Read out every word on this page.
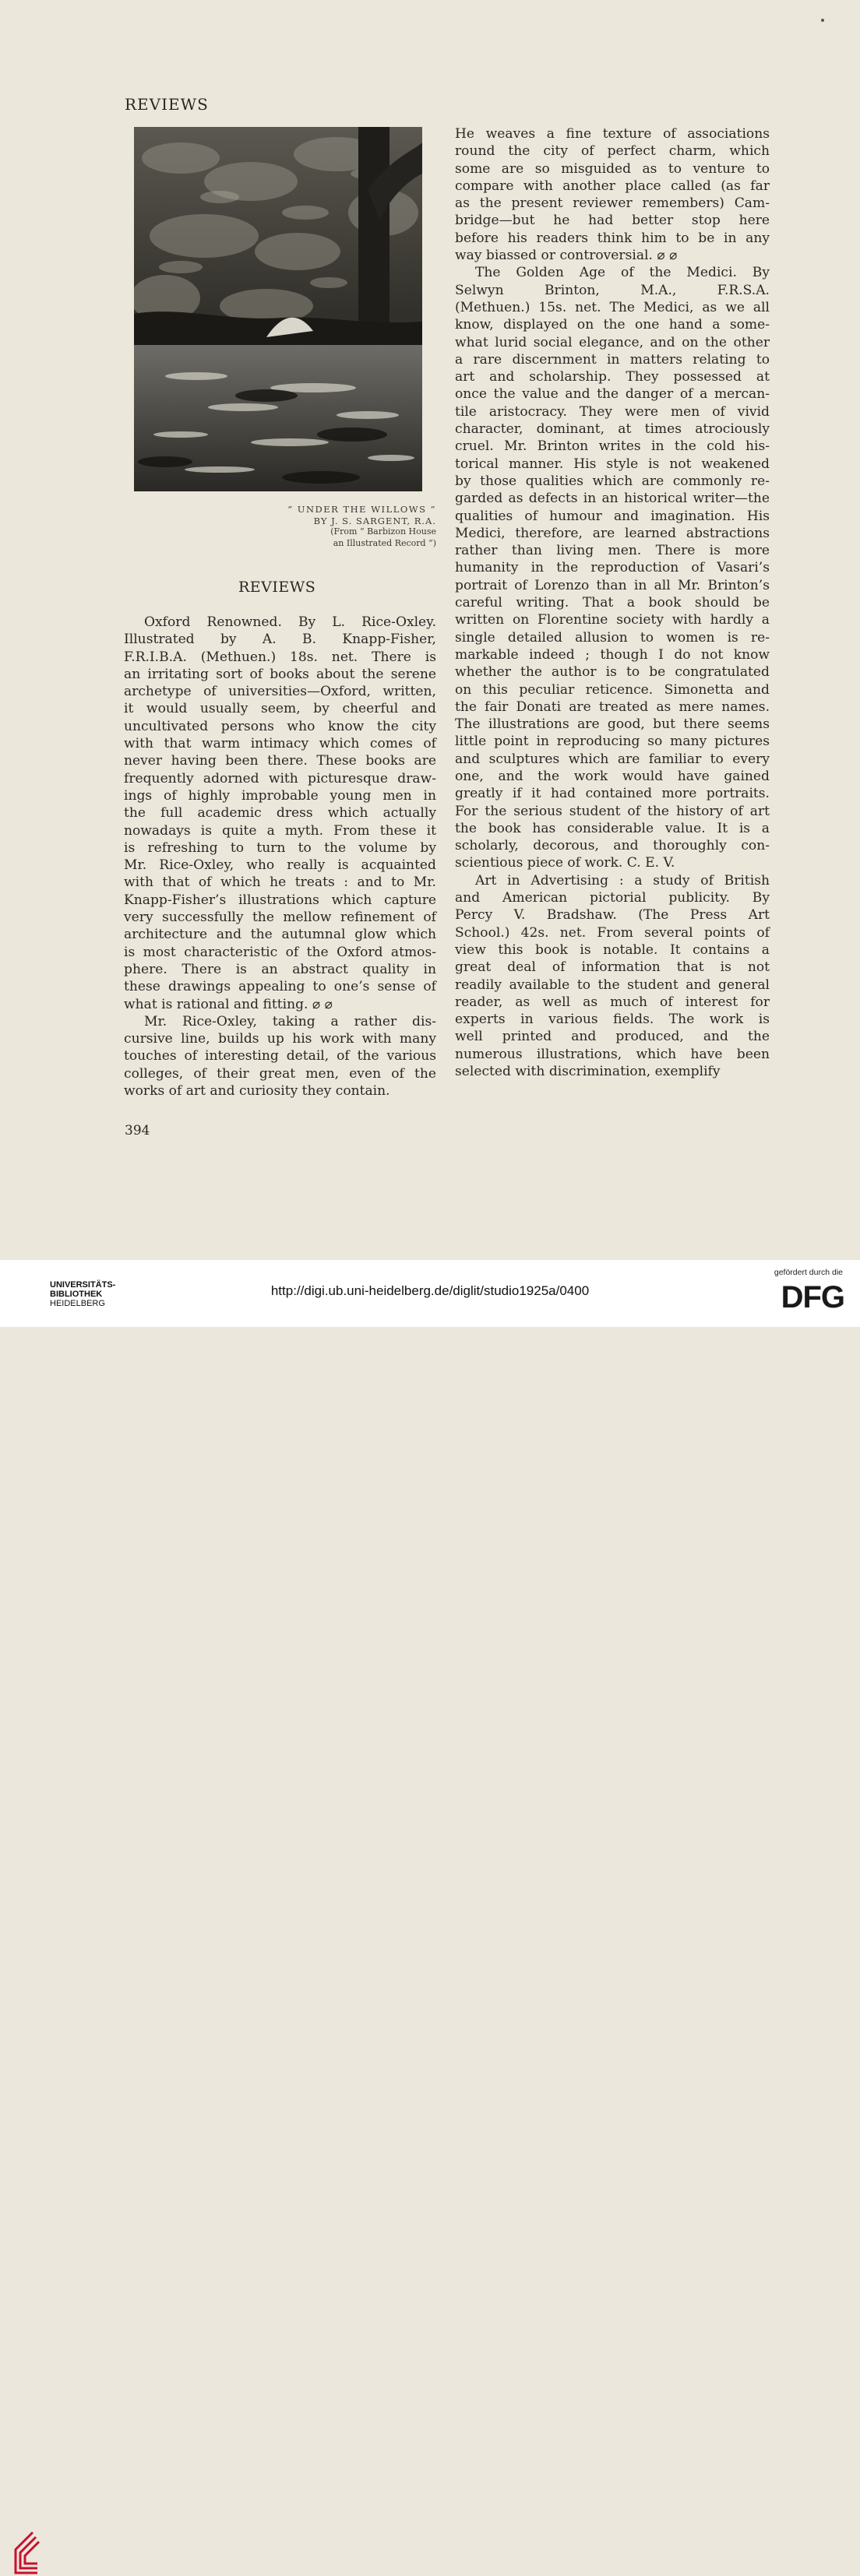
REVIEWS
“ UNDER THE WILLOWS ”
BY J. S. SARGENT, R.A.
(From “ Barbizon House
an Illustrated Record ”)
REVIEWS
Oxford Renowned. By L. Rice-Oxley.
Illustrated by A. B. Knapp-Fisher,
F.R.I.B.A. (Methuen.) 18s. net. There is
an irritating sort of books about the serene
archetype of universities—Oxford, written,
it would usually seem, by cheerful and
uncultivated persons who know the city
with that warm intimacy which comes of
never having been there. These books are
frequently adorned with picturesque draw-
ings of highly improbable young men in
the full academic dress which actually
nowadays is quite a myth. From these it
is refreshing to turn to the volume by
Mr. Rice-Oxley, who really is acquainted
with that of which he treats : and to Mr.
Knapp-Fisher’s illustrations which capture
very successfully the mellow refinement of
architecture and the autumnal glow which
is most characteristic of the Oxford atmos-
phere. There is an abstract quality in
these drawings appealing to one’s sense of
what is rational and fitting. ⌀ ⌀
Mr. Rice-Oxley, taking a rather dis-
cursive line, builds up his work with many
touches of interesting detail, of the various
colleges, of their great men, even of the
works of art and curiosity they contain.
He weaves a fine texture of associations
round the city of perfect charm, which
some are so misguided as to venture to
compare with another place called (as far
as the present reviewer remembers) Cam-
bridge—but he had better stop here
before his readers think him to be in any
way biassed or controversial. ⌀ ⌀
The Golden Age of the Medici. By
Selwyn Brinton, M.A., F.R.S.A.
(Methuen.) 15s. net. The Medici, as we all
know, displayed on the one hand a some-
what lurid social elegance, and on the other
a rare discernment in matters relating to
art and scholarship. They possessed at
once the value and the danger of a mercan-
tile aristocracy. They were men of vivid
character, dominant, at times atrociously
cruel. Mr. Brinton writes in the cold his-
torical manner. His style is not weakened
by those qualities which are commonly re-
garded as defects in an historical writer—the
qualities of humour and imagination. His
Medici, therefore, are learned abstractions
rather than living men. There is more
humanity in the reproduction of Vasari’s
portrait of Lorenzo than in all Mr. Brinton’s
careful writing. That a book should be
written on Florentine society with hardly a
single detailed allusion to women is re-
markable indeed ; though I do not know
whether the author is to be congratulated
on this peculiar reticence. Simonetta and
the fair Donati are treated as mere names.
The illustrations are good, but there seems
little point in reproducing so many pictures
and sculptures which are familiar to every
one, and the work would have gained
greatly if it had contained more portraits.
For the serious student of the history of art
the book has considerable value. It is a
scholarly, decorous, and thoroughly con-
scientious piece of work. C. E. V.
Art in Advertising : a study of British
and American pictorial publicity. By
Percy V. Bradshaw. (The Press Art
School.) 42s. net. From several points of
view this book is notable. It contains a
great deal of information that is not
readily available to the student and general
reader, as well as much of interest for
experts in various fields. The work is
well printed and produced, and the
numerous illustrations, which have been
selected with discrimination, exemplify
394
UNIVERSITÄTS-
BIBLIOTHEK
HEIDELBERG
http://digi.ub.uni-heidelberg.de/diglit/studio1925a/0400
gefördert durch die
DFG
